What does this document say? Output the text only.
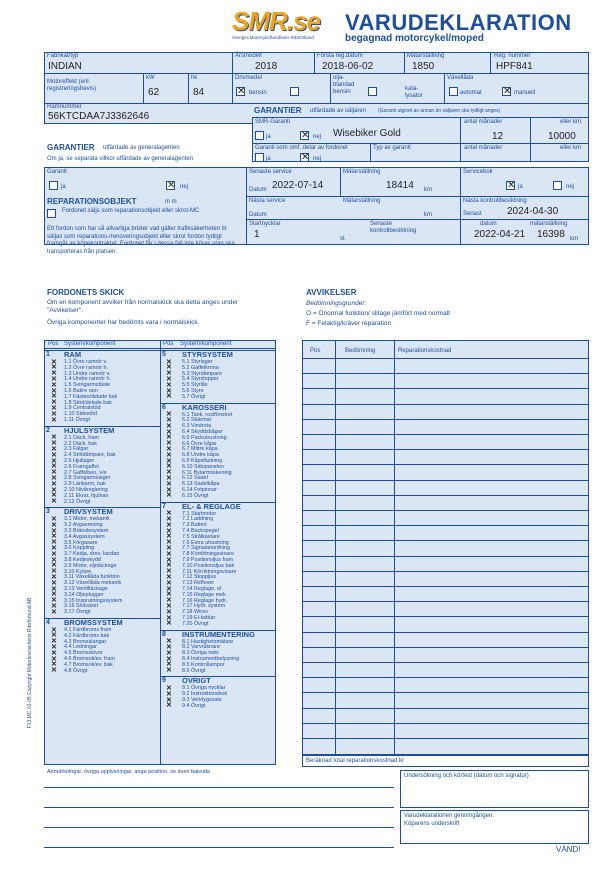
SMR.se
Sveriges Motorcykelhandlares Riksförbund
VARUDEKLARATION
begagnad motorcykel/moped
Fabrikat/typ
INDIAN
Årsmodell
2018
Första reg.datum
2018-06-02
Mätarställning
1850
Reg. nummer
HPF841
Motoreffekt (enl. registreringsbevis)
kW
62
hk
84
Drivmedel
✕ bensin
olja-blandad bensin	kata-lysator
Växellåda
automat ✕ manuell
Ramnummer
56KTCDAA7J3362646
GARANTIER utfärdade av säljaren (Garanti utgivet av annan än säljaren ska tydligt anges)
SMR-Garanti
ja	✕ nej Wisebiker Gold
antal månader
12
eller km
10000
Garanti som omf. delar av fordonet	Typ av garanti	antal månader	eller km
ja	✕ nej
GARANTIER utfärdade av generalagenten
Om ja, se separata villkor utfärdade av generalagenten
Garanti
ja	✕ nej
Senaste service	Mätarställning	Servicebok
Datum 2022-07-14	18414 km	✕ ja	nej
Nästa service	Mätarställning
Datum	km
Nästa kontrollbesiktning
Senast	2024-04-30
Startnycklar
1	st
Senaste kontrollbesiktning
datum	mätarställning
2022-04-21 16398 km
REPARATIONSOBJEKT	m m
Fordonet säljs som reparationsobjekt eller skrot-MC
Ett fordon som har så allvarliga brister vad gäller trafiksäkerheten tir säljas som reparations-/renoveringsobjekt eller skrot fordon tydligt framgår av köpekontraktet. Fordonet får i dessa fall inte köras utan ska transporteras från platsen.
FORDONETS SKICK
Om en komponent avviker från normalskick ska detta anges under "Avvikelser".
Övriga komponenter har bedömts vara i normalskick.
AVVIKELSER
Bedömningsgrunder:
O = Onormal funktion/ slitage jämfört med normalt
F = Felaktig/kräver reparation
Pos System/komponent	Pos System/komponent
1 RAM
✕ 1.1 Övre ramrör v.
✕ 1.2 Övre ramrör h.
✕ 1.3 Undre ramrör v.
✕ 1.4 Undre ramrör h.
✕ 1.5 Svingarmsfäste
✕ 1.6 Bakre ram
✕ 1.7 Fästen/delade bak
✕ 1.8 Stöd/delade bak
✕ 1.9 Centralstöd
✕ 1.10 Sidostöd
✕ 1.11 Övrigt
2 HJULSYSTEM
✕ 2.1 Däck, fram
✕ 2.2 Däck, bak
✕ 2.3 Fälgar
✕ 2.4 Stötdämpare, bak
✕ 2.5 Hjullager
✕ 2.6 Framgaffel
✕ 2.7 Gaffelben, v/e
✕ 2.8 Svingarmslager
✕ 2.9 Länkarm, bak
✕ 2.10 Nivåreglering
✕ 2.11 Ekrar, hjulnav
✕ 2.12 Övrigt
3 DRIVSYSTEM
✕ 3.1 Motor, mekanik
✕ 3.2 Avgasrening
✕ 3.3 Bränslesystem
✕ 3.4 Avgassystem
✕ 3.5 Förgasare
✕ 3.6 Koppling
✕ 3.7 Kedja, drev, kardan
✕ 3.8 Kedjeskydd
✕ 3.9 Motor, oljeläckage
✕ 3.10 Kylare
✕ 3.11 Växellåda funktion
✕ 3.12 Växellåda mekanik
✕ 3.13 Ventilläckage
✕ 3.14 Oljeplugger
✕ 3.15 Insprutningssystem
✕ 3.16 Slutväxel
✕ 3.17 Övrigt
4 BROMSSYSTEM
✕ 4.1 Färdbroms fram
✕ 4.2 Färdbroms bak
✕ 4.3 Bromsslangar
✕ 4.4 Ledningar
✕ 4.5 Bromsskivor
✕ 4.6 Bromsok/ev. fram
✕ 4.7 Bromsok/ev. bak
✕ 4.8 Övrigt
5 STYRSYSTEM
✕ 5.1 Styrlager
✕ 5.2 Gaffelkrona
✕ 5.3 Styrdämpare
✕ 5.4 Styrstopper
✕ 5.5 Styrlås
✕ 5.6 Styre
✕ 5.7 Övrigt
6 KAROSSERI
✕ 6.1 Tank, rostfönstret
✕ 6.2 Skärmar
✕ 6.3 Vindruta
✕ 6.4 Skyddsbågar
✕ 6.5 Packutrustning
✕ 6.6 Övre kåpa
✕ 6.7 Mittre kåpa
✕ 6.8 Undre kåpa
✕ 6.9 Kåpsfästning
✕ 6.10 Sidopanelen
✕ 6.11 Bylarmsskening
✕ 6.12 Sadel
✕ 6.13 Sadelkåpa
✕ 6.14 Fotpinnar
✕ 6.15 Övrigt
7 EL- & REGLAGE
✕ 7.1 Startmotor
✕ 7.2 Laddning
✕ 7.3 Batteri
✕ 7.4 Backspegel
✕ 7.5 Strålkastare
✕ 7.6 Extra utrustning
✕ 7.7 Signalanordning
✕ 7.8 Körriktningsvisare
✕ 7.9 Positionsljus fram
✕ 7.10 Positionsljus bak
✕ 7.11 Körriktningsvisare
✕ 7.12 Stoppljus
✕ 7.13 Reflexer
✕ 7.14 Reglage, el
✕ 7.15 Reglage mek
✕ 7.16 Reglage hydr.
✕ 7.17 Hydr. system
✕ 7.18 Wires
✕ 7.19 El-kablar
✕ 7.20 Övrigt
8 INSTRUMENTERING
✕ 8.1 Hastighetsmätare
✕ 8.2 Varvräknare
✕ 8.3 Övriga instr.
✕ 8.4 Instrumentbelysning
✕ 8.5 Kontrollampor
✕ 8.6 Övrigt
9 ÖVRIGT
✕ 9.1 Övriga nycklar
✕ 9.2 Instruktionsbok
✕ 9.3 Verktygssats
✕ 9.4 Övrigt
F13 MC 01-05 Copyright Motorbranschens Riksförbund AB
Pos	Bedömning	Reparationskostnad
Beräknad total reparationskostnad kr
Anmärkningar, övriga upplysningar, ange position, se även baksida
Undersökning och körtest (datum och signatur)
Varudeklarationen genomgången.
Köparens underskrift
VÄND!
